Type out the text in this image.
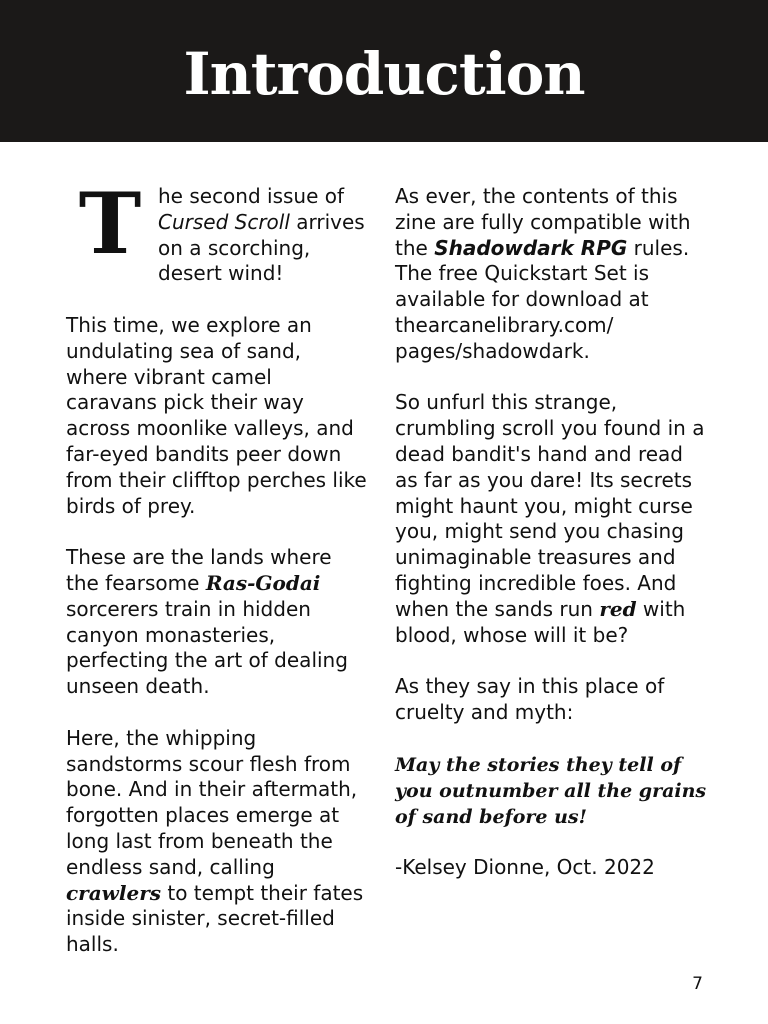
Introduction

The second issue of Cursed Scroll arrives on a scorching, desert wind!

This time, we explore an undulating sea of sand, where vibrant camel caravans pick their way across moonlike valleys, and far-eyed bandits peer down from their clifftop perches like birds of prey.

These are the lands where the fearsome Ras-Godai sorcerers train in hidden canyon monasteries, perfecting the art of dealing unseen death.

Here, the whipping sandstorms scour flesh from bone. And in their aftermath, forgotten places emerge at long last from beneath the endless sand, calling crawlers to tempt their fates inside sinister, secret-filled halls.

As ever, the contents of this zine are fully compatible with the Shadowdark RPG rules. The free Quickstart Set is available for download at thearcanelibrary.com/ pages/shadowdark.

So unfurl this strange, crumbling scroll you found in a dead bandit's hand and read as far as you dare! Its secrets might haunt you, might curse you, might send you chasing unimaginable treasures and fighting incredible foes. And when the sands run red with blood, whose will it be?

As they say in this place of cruelty and myth:

May the stories they tell of you outnumber all the grains of sand before us!

-Kelsey Dionne, Oct. 2022

7
